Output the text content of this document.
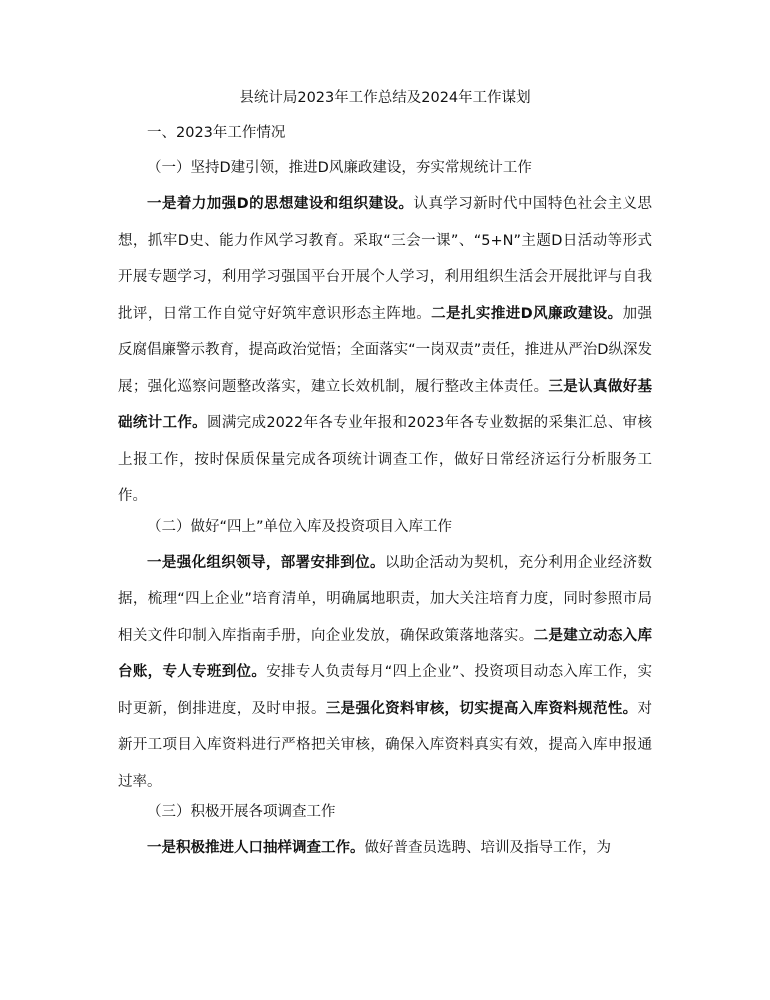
县统计局2023年工作总结及2024年工作谋划
一、2023年工作情况
（一）坚持D建引领，推进D风廉政建设，夯实常规统计工作

一是着力加强D的思想建设和组织建设。认真学习新时代中国特色社会主义思想，抓牢D史、能力作风学习教育。采取“三会一课”、“5+N”主题D日活动等形式开展专题学习，利用学习强国平台开展个人学习，利用组织生活会开展批评与自我批评，日常工作自觉守好筑牢意识形态主阵地。二是扎实推进D风廉政建设。加强反腐倡廉警示教育，提高政治觉悟；全面落实“一岗双责”责任，推进从严治D纵深发展；强化巡察问题整改落实，建立长效机制，履行整改主体责任。三是认真做好基础统计工作。圆满完成2022年各专业年报和2023年各专业数据的采集汇总、审核上报工作，按时保质保量完成各项统计调查工作，做好日常经济运行分析服务工作。

（二）做好“四上”单位入库及投资项目入库工作

一是强化组织领导，部署安排到位。以助企活动为契机，充分利用企业经济数据，梳理“四上企业”培育清单，明确属地职责，加大关注培育力度，同时参照市局相关文件印制入库指南手册，向企业发放，确保政策落地落实。二是建立动态入库台账，专人专班到位。安排专人负责每月“四上企业”、投资项目动态入库工作，实时更新，倒排进度，及时申报。三是强化资料审核，切实提高入库资料规范性。对新开工项目入库资料进行严格把关审核，确保入库资料真实有效，提高入库申报通过率。

（三）积极开展各项调查工作

一是积极推进人口抽样调查工作。做好普查员选聘、培训及指导工作，为
